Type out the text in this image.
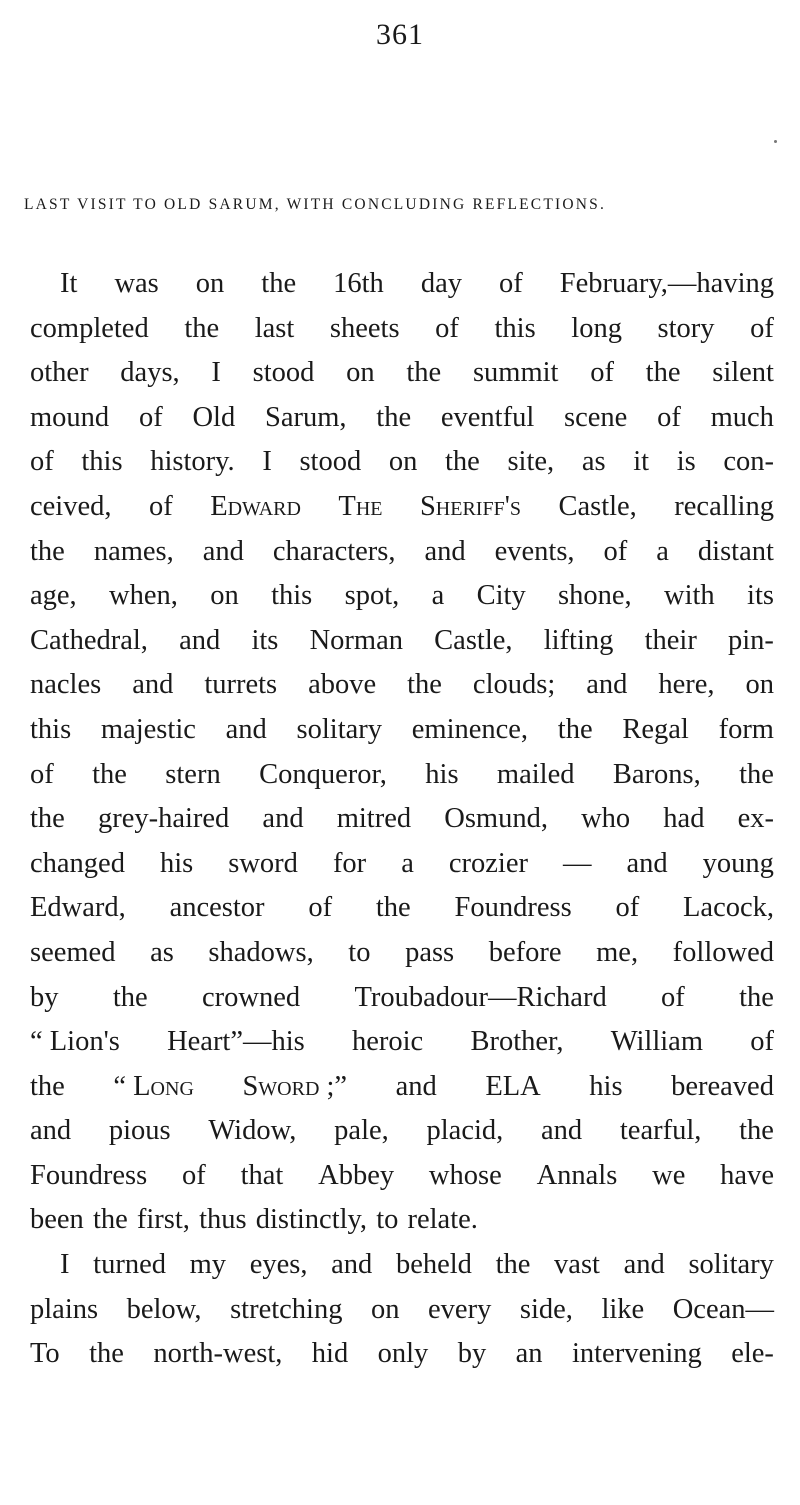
361
LAST VISIT TO OLD SARUM, WITH CONCLUDING REFLECTIONS.
It was on the 16th day of February,—having
completed the last sheets of this long story of
other days, I stood on the summit of the silent
mound of Old Sarum, the eventful scene of much
of this history. I stood on the site, as it is con-
ceived, of Edward The Sheriff's Castle, recalling
the names, and characters, and events, of a distant
age, when, on this spot, a City shone, with its
Cathedral, and its Norman Castle, lifting their pin-
nacles and turrets above the clouds; and here, on
this majestic and solitary eminence, the Regal form
of the stern Conqueror, his mailed Barons, the
the grey-haired and mitred Osmund, who had ex-
changed his sword for a crozier — and young
Edward, ancestor of the Foundress of Lacock,
seemed as shadows, to pass before me, followed
by the crowned Troubadour—Richard of the
“ Lion's Heart”—his heroic Brother, William of
the “ Long Sword ;” and ELA his bereaved
and pious Widow, pale, placid, and tearful, the
Foundress of that Abbey whose Annals we have
been the first, thus distinctly, to relate.
I turned my eyes, and beheld the vast and solitary
plains below, stretching on every side, like Ocean—
To the north-west, hid only by an intervening ele-
